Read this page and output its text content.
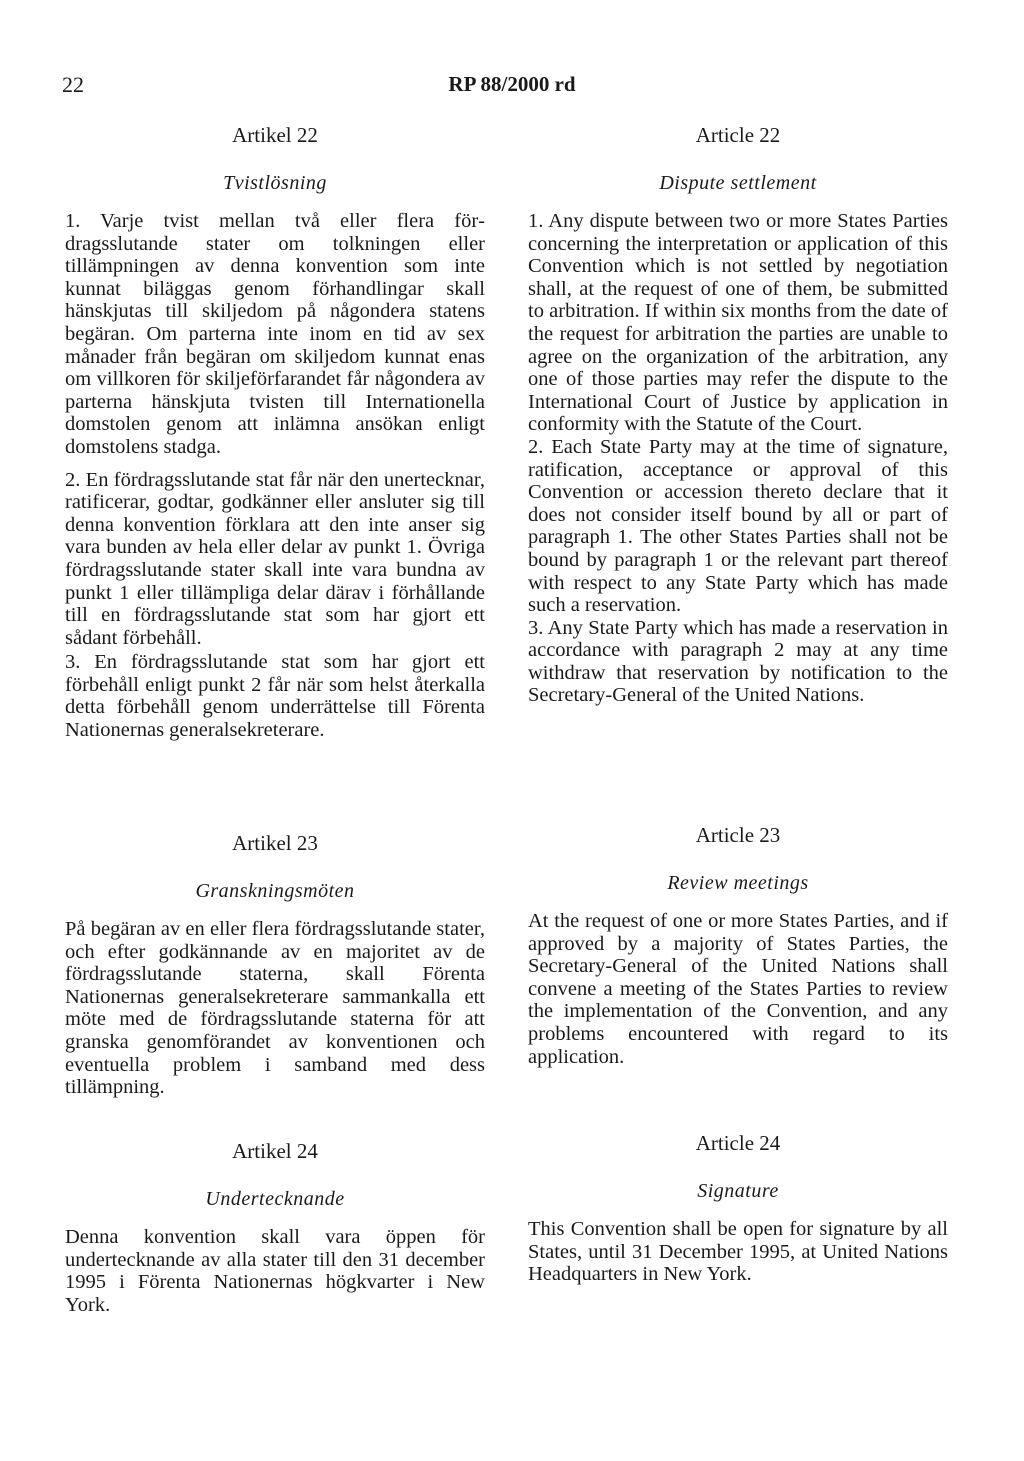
22	RP 88/2000 rd
Artikel 22
Tvistlösning

1. Varje tvist mellan två eller flera fördragsslutande stater om tolkningen eller tillämpningen av denna konvention som inte kunnat biläggas genom förhandlingar skall hänskjutas till skiljedom på någondera statens begäran. Om parterna inte inom en tid av sex månader från begäran om skiljedom kunnat enas om villkoren för skiljeförfarandet får någondera av parterna hänskjuta tvisten till Internationella domstolen genom att inlämna ansökan enligt domstolens stadga.

2. En fördragsslutande stat får när den unertecknar, ratificerar, godtar, godkänner eller ansluter sig till denna konvention förklara att den inte anser sig vara bunden av hela eller delar av punkt 1. Övriga fördragsslutande stater skall inte vara bundna av punkt 1 eller tillämpliga delar därav i förhållande till en fördragsslutande stat som har gjort ett sådant förbehåll.

3. En fördragsslutande stat som har gjort ett förbehåll enligt punkt 2 får när som helst återkalla detta förbehåll genom underrättelse till Förenta Nationernas generalsekreterare.

Article 22
Dispute settlement

1. Any dispute between two or more States Parties concerning the interpretation or application of this Convention which is not settled by negotiation shall, at the request of one of them, be submitted to arbitration. If within six months from the date of the request for arbitration the parties are unable to agree on the organization of the arbitration, any one of those parties may refer the dispute to the International Court of Justice by application in conformity with the Statute of the Court.

2. Each State Party may at the time of signature, ratification, acceptance or approval of this Convention or accession thereto declare that it does not consider itself bound by all or part of paragraph 1. The other States Parties shall not be bound by paragraph 1 or the relevant part thereof with respect to any State Party which has made such a reservation.

3. Any State Party which has made a reservation in accordance with paragraph 2 may at any time withdraw that reservation by notification to the Secretary-General of the United Nations.

Artikel 23
Granskningsmöten

På begäran av en eller flera fördragsslutande stater, och efter godkännande av en majoritet av de fördragsslutande staterna, skall Förenta Nationernas generalsekreterare sammankalla ett möte med de fördragsslutande staterna för att granska genomförandet av konventionen och eventuella problem i samband med dess tillämpning.

Article 23
Review meetings

At the request of one or more States Parties, and if approved by a majority of States Parties, the Secretary-General of the United Nations shall convene a meeting of the States Parties to review the implementation of the Convention, and any problems encountered with regard to its application.

Artikel 24
Undertecknande

Denna konvention skall vara öppen för undertecknande av alla stater till den 31 december 1995 i Förenta Nationernas högkvarter i New York.

Article 24
Signature

This Convention shall be open for signature by all States, until 31 December 1995, at United Nations Headquarters in New York.
